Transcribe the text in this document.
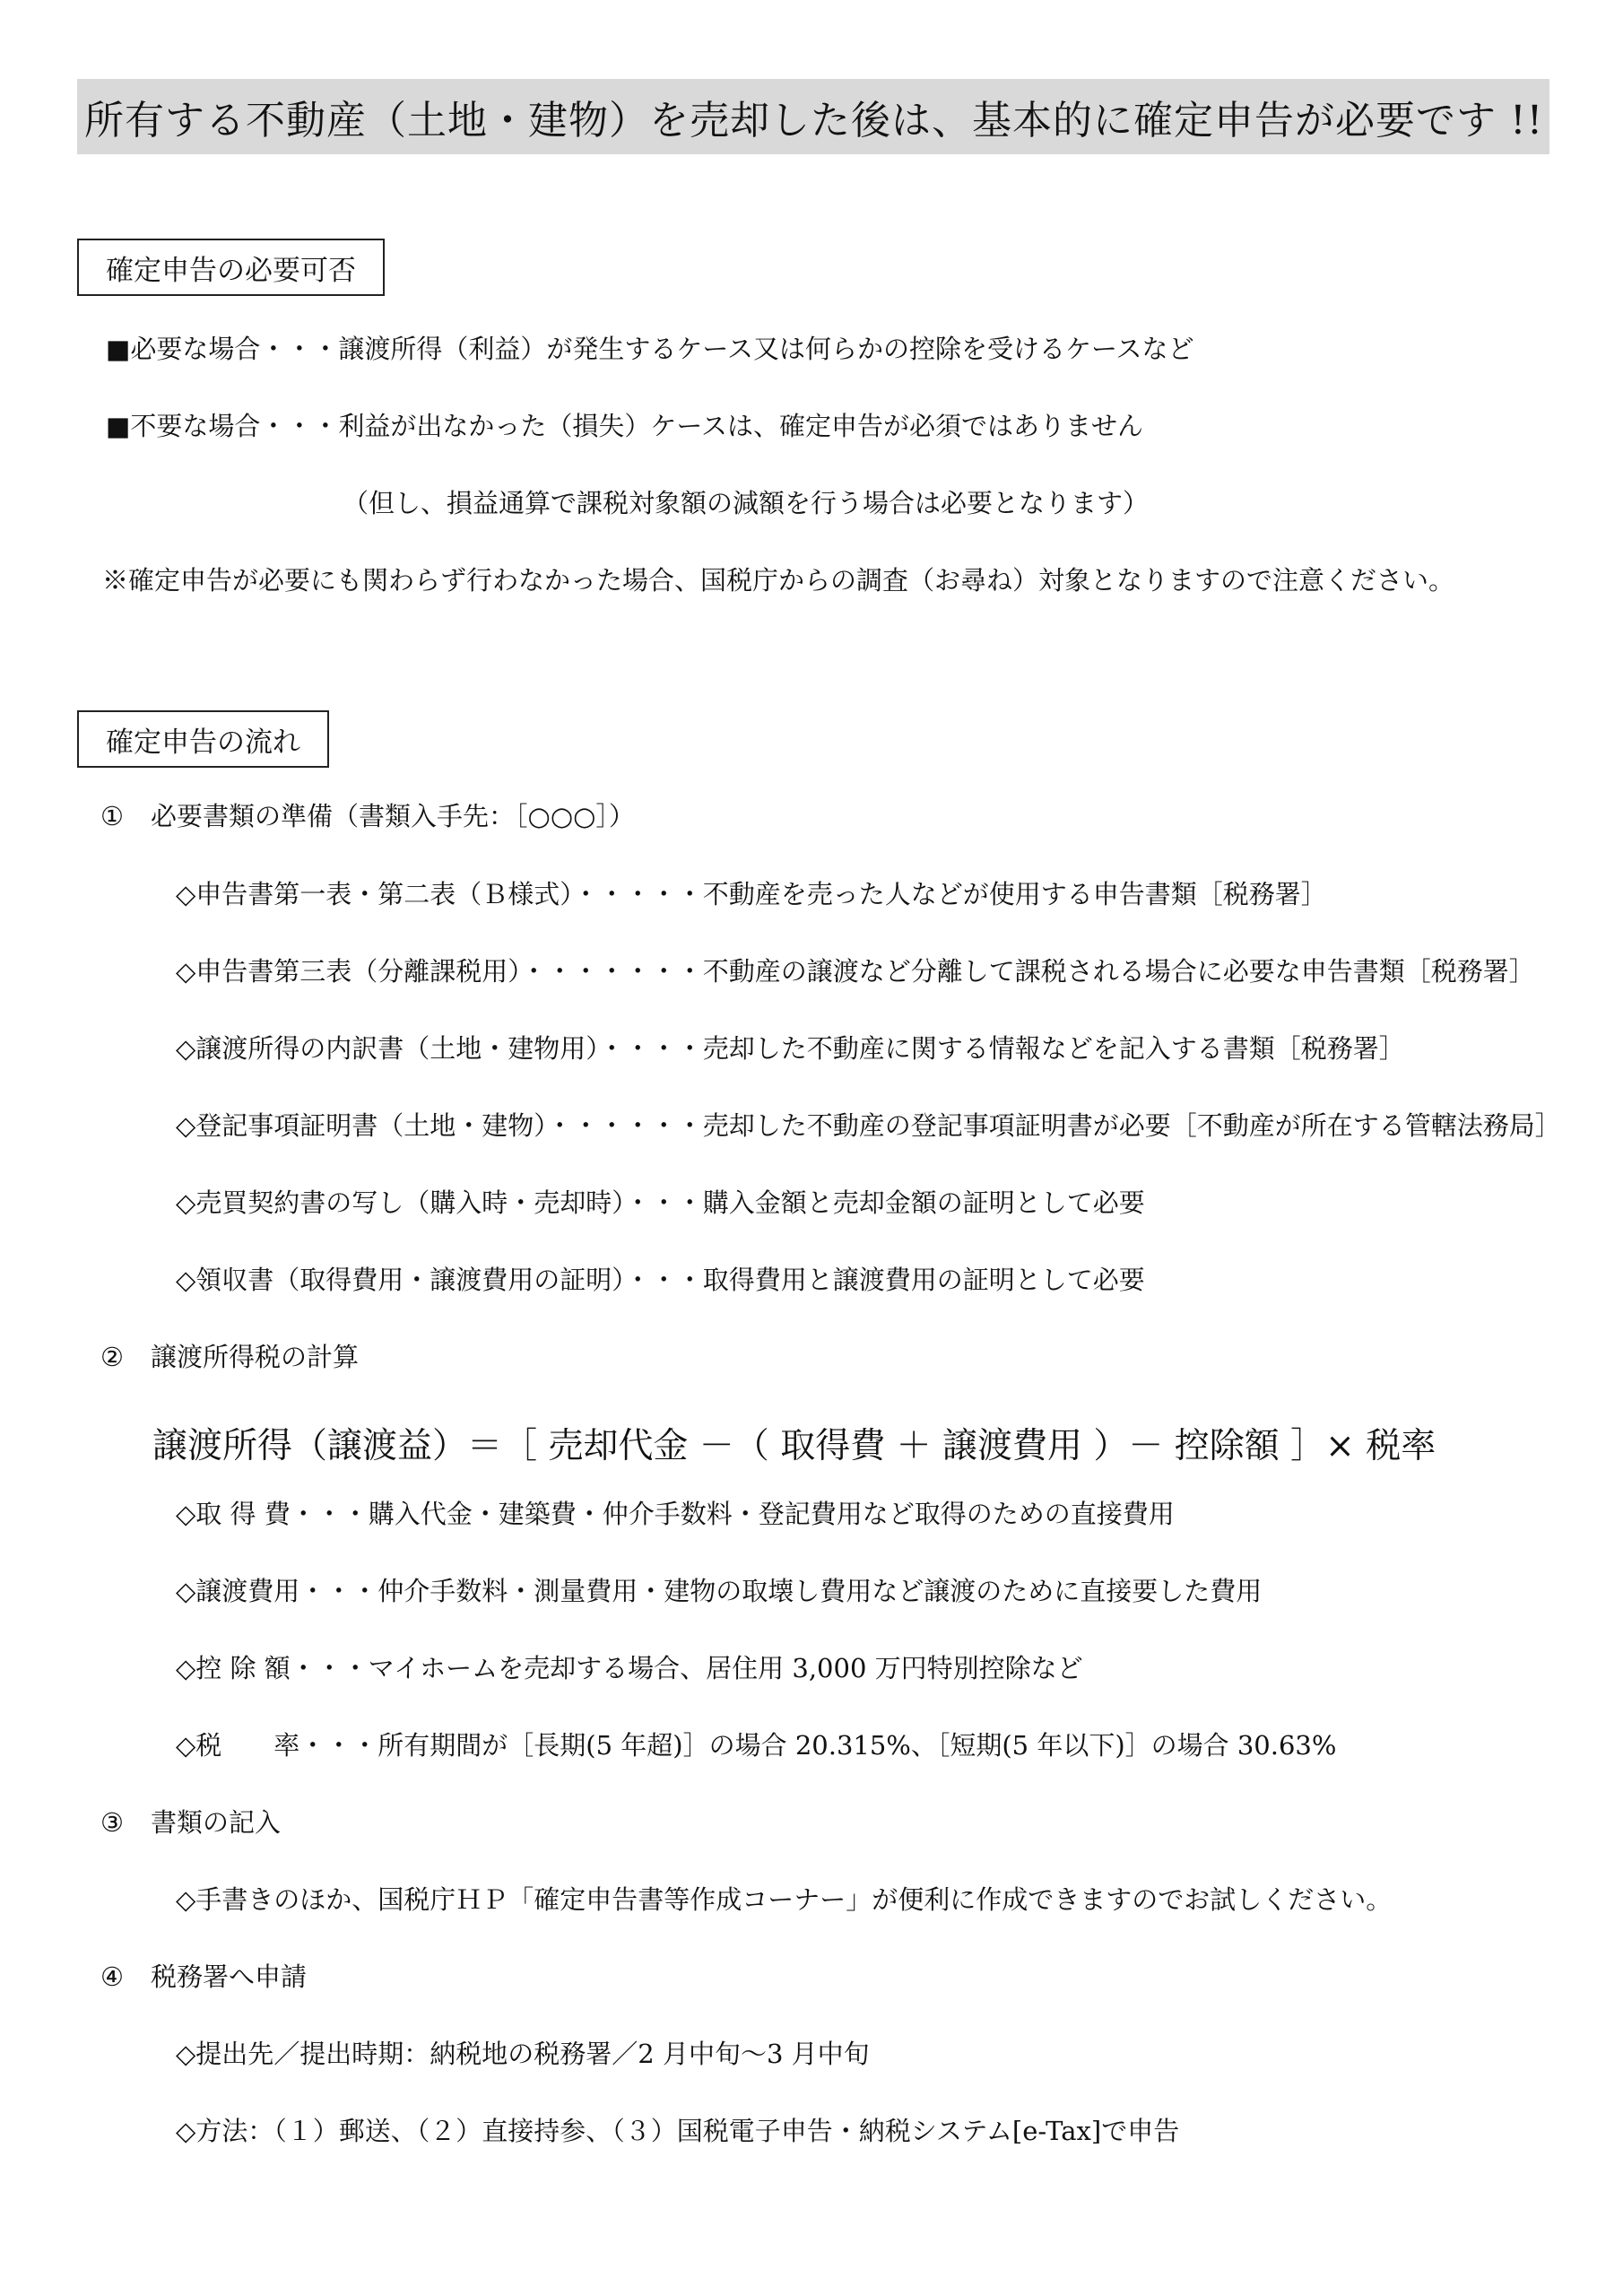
所有する不動産（土地・建物）を売却した後は、基本的に確定申告が必要です !!
確定申告の必要可否
■必要な場合・・・譲渡所得（利益）が発生するケース又は何らかの控除を受けるケースなど
■不要な場合・・・利益が出なかった（損失）ケースは、確定申告が必須ではありません
（但し、損益通算で課税対象額の減額を行う場合は必要となります）
※確定申告が必要にも関わらず行わなかった場合、国税庁からの調査（お尋ね）対象となりますので注意ください。
確定申告の流れ
① 必要書類の準備（書類入手先：［○○○］）
◇申告書第一表・第二表（Ｂ様式）・・・・・不動産を売った人などが使用する申告書類［税務署］
◇申告書第三表（分離課税用）・・・・・・・不動産の譲渡など分離して課税される場合に必要な申告書類［税務署］
◇譲渡所得の内訳書（土地・建物用）・・・・売却した不動産に関する情報などを記入する書類［税務署］
◇登記事項証明書（土地・建物）・・・・・・売却した不動産の登記事項証明書が必要［不動産が所在する管轄法務局］
◇売買契約書の写し（購入時・売却時）・・・購入金額と売却金額の証明として必要
◇領収書（取得費用・譲渡費用の証明）・・・取得費用と譲渡費用の証明として必要
② 譲渡所得税の計算
譲渡所得（譲渡益）＝［ 売却代金 －（ 取得費 ＋ 譲渡費用 ）－ 控除額 ］× 税率
◇取 得 費・・・購入代金・建築費・仲介手数料・登記費用など取得のための直接費用
◇譲渡費用・・・仲介手数料・測量費用・建物の取壊し費用など譲渡のために直接要した費用
◇控 除 額・・・マイホームを売却する場合、居住用 3,000 万円特別控除など
◇税　　率・・・所有期間が［長期(5 年超)］の場合 20.315%、［短期(5 年以下)］の場合 30.63%
③ 書類の記入
◇手書きのほか、国税庁ＨＰ「確定申告書等作成コーナー」が便利に作成できますのでお試しください。
④ 税務署へ申請
◇提出先／提出時期：納税地の税務署／2 月中旬～3 月中旬
◇方法：（１）郵送、（２）直接持参、（３）国税電子申告・納税システム[e-Tax]で申告
